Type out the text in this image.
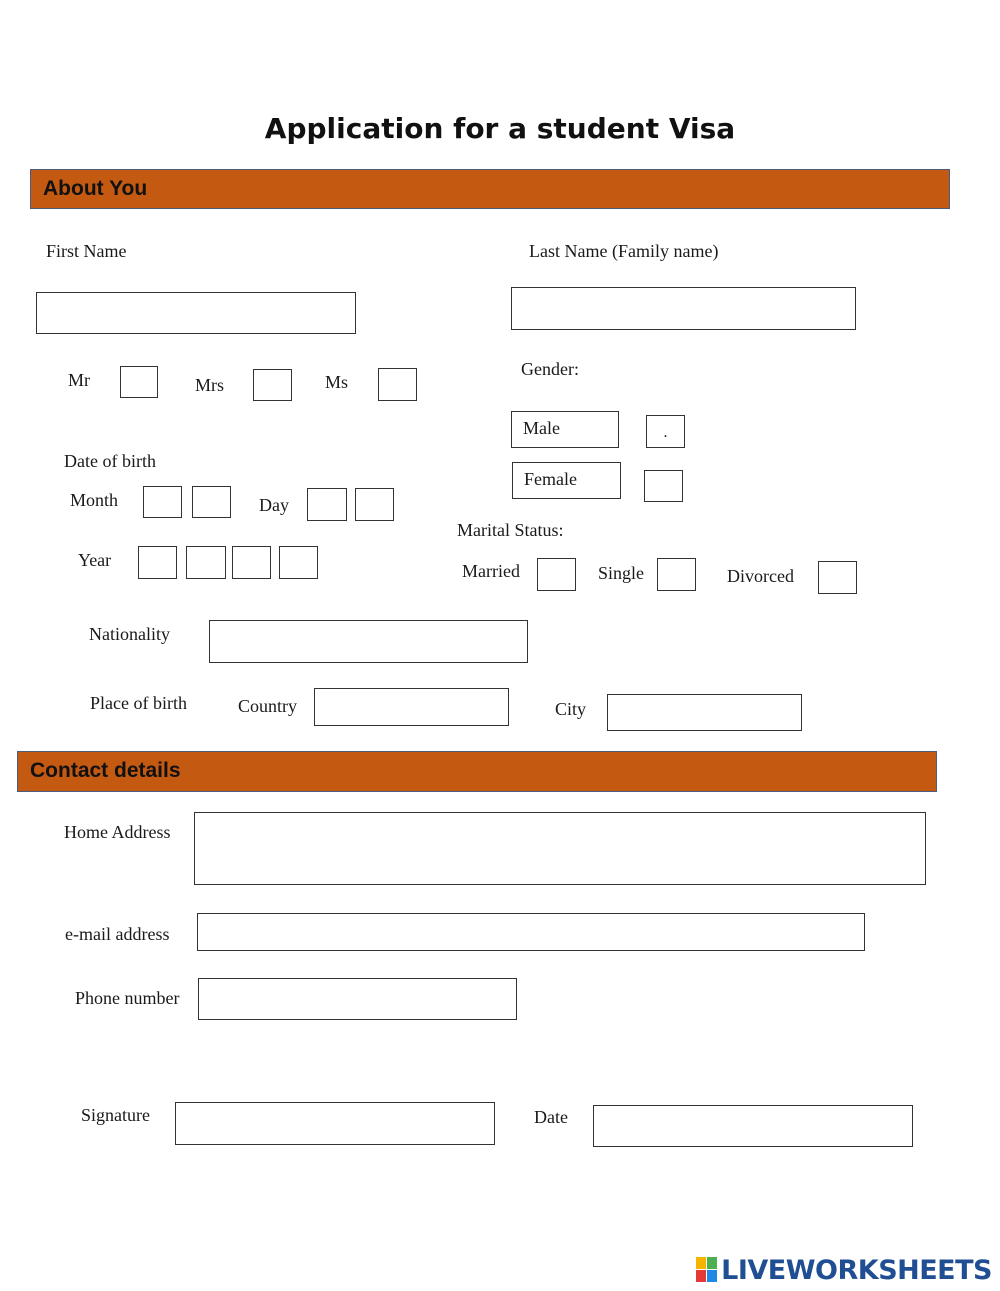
Application for a student Visa
About You
First Name	Last Name (Family name)
Mr	Mrs	Ms
Gender:
Male	.
Female
Date of birth
Month	Day
Year
Marital Status:
Married	Single	Divorced
Nationality
Place of birth	Country	City
Contact details
Home Address
e-mail address
Phone number
Signature	Date
LIVEWORKSHEETS
